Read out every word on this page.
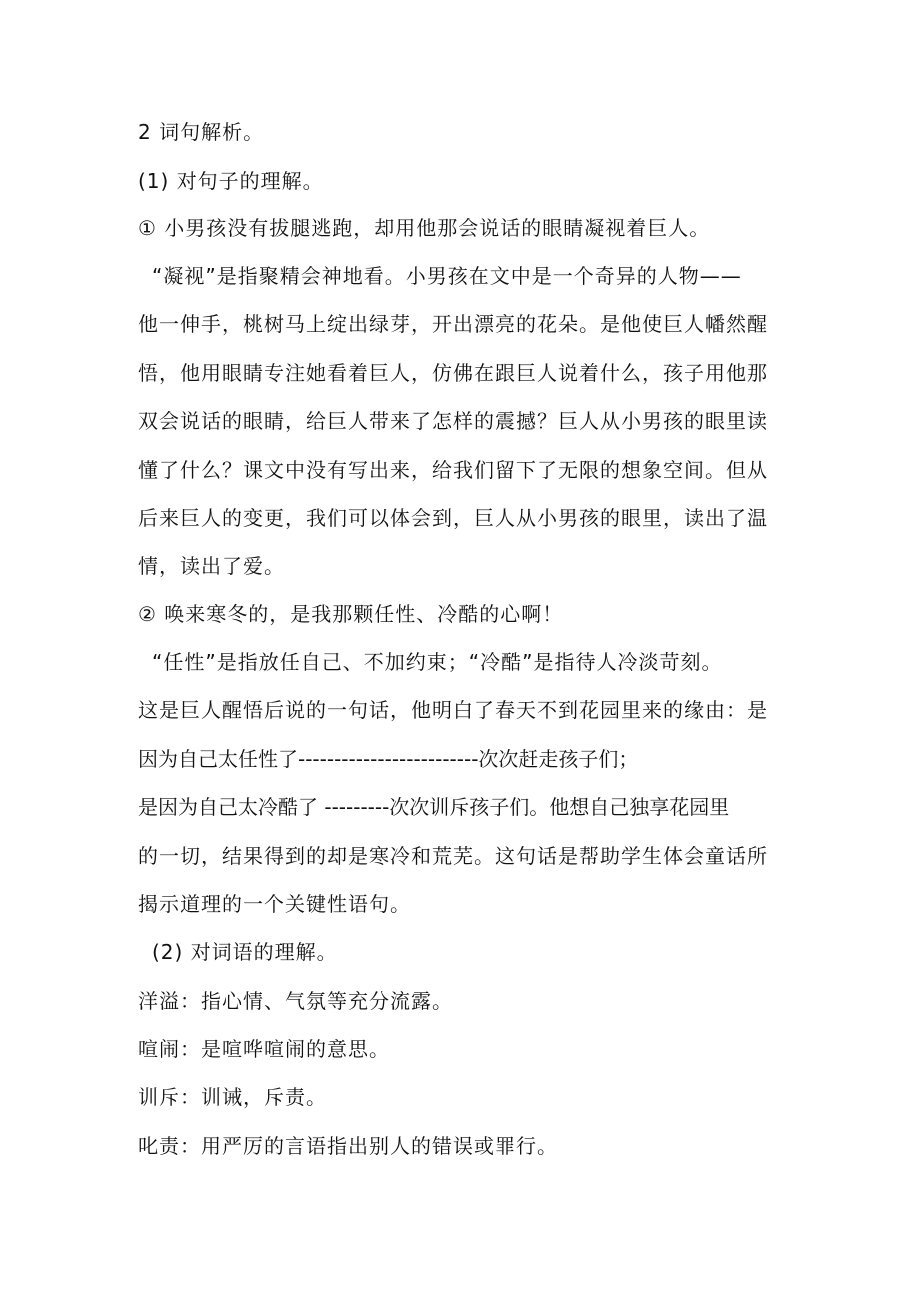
2 词句解析。
(1) 对句子的理解。
① 小男孩没有拔腿逃跑，却用他那会说话的眼睛凝视着巨人。
“凝视”是指聚精会神地看。小男孩在文中是一个奇异的人物——
他一伸手，桃树马上绽出绿芽，开出漂亮的花朵。是他使巨人幡然醒
悟，他用眼睛专注她看着巨人，仿佛在跟巨人说着什么，孩子用他那
双会说话的眼睛，给巨人带来了怎样的震撼？巨人从小男孩的眼里读
懂了什么？课文中没有写出来，给我们留下了无限的想象空间。但从
后来巨人的变更，我们可以体会到，巨人从小男孩的眼里，读出了温
情，读出了爱。
② 唤来寒冬的，是我那颗任性、冷酷的心啊！
“任性”是指放任自己、不加约束；“冷酷”是指待人冷淡苛刻。
这是巨人醒悟后说的一句话，他明白了春天不到花园里来的缘由：是
因为自己太任性了-------------------------次次赶走孩子们；
是因为自己太冷酷了 ---------次次训斥孩子们。他想自己独享花园里
的一切，结果得到的却是寒冷和荒芜。这句话是帮助学生体会童话所
揭示道理的一个关键性语句。
(2) 对词语的理解。
洋溢：指心情、气氛等充分流露。
喧闹：是喧哗喧闹的意思。
训斥：训诫，斥责。
叱责：用严厉的言语指出别人的错误或罪行。
